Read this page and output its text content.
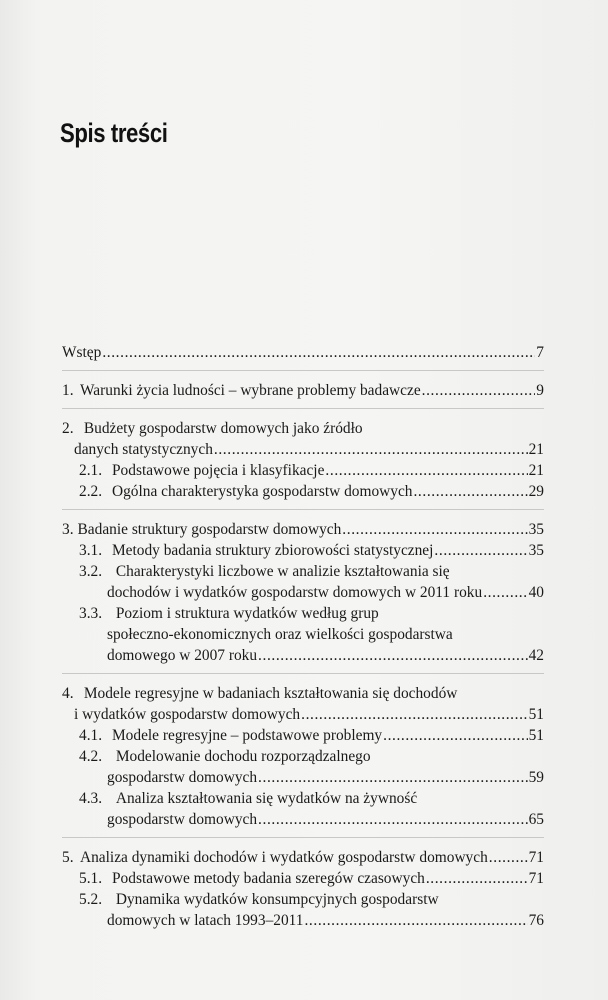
Spis treści
Wstęp .....	7
1. Warunki życia ludności – wybrane problemy badawcze .....	9
2. Budżety gospodarstw domowych jako źródło
danych statystycznych .....	21
2.1. Podstawowe pojęcia i klasyfikacje .....	21
2.2. Ogólna charakterystyka gospodarstw domowych .....	29
3. Badanie struktury gospodarstw domowych .....	35
3.1. Metody badania struktury zbiorowości statystycznej .....	35
3.2. Charakterystyki liczbowe w analizie kształtowania się
dochodów i wydatków gospodarstw domowych w 2011 roku .....	40
3.3. Poziom i struktura wydatków według grup
społeczno-ekonomicznych oraz wielkości gospodarstwa
domowego w 2007 roku .....	42
4. Modele regresyjne w badaniach kształtowania się dochodów
i wydatków gospodarstw domowych .....	51
4.1. Modele regresyjne – podstawowe problemy .....	51
4.2. Modelowanie dochodu rozporządzalnego
gospodarstw domowych .....	59
4.3. Analiza kształtowania się wydatków na żywność
gospodarstw domowych .....	65
5. Analiza dynamiki dochodów i wydatków gospodarstw domowych .....	71
5.1. Podstawowe metody badania szeregów czasowych .....	71
5.2. Dynamika wydatków konsumpcyjnych gospodarstw
domowych w latach 1993–2011 .....	76
